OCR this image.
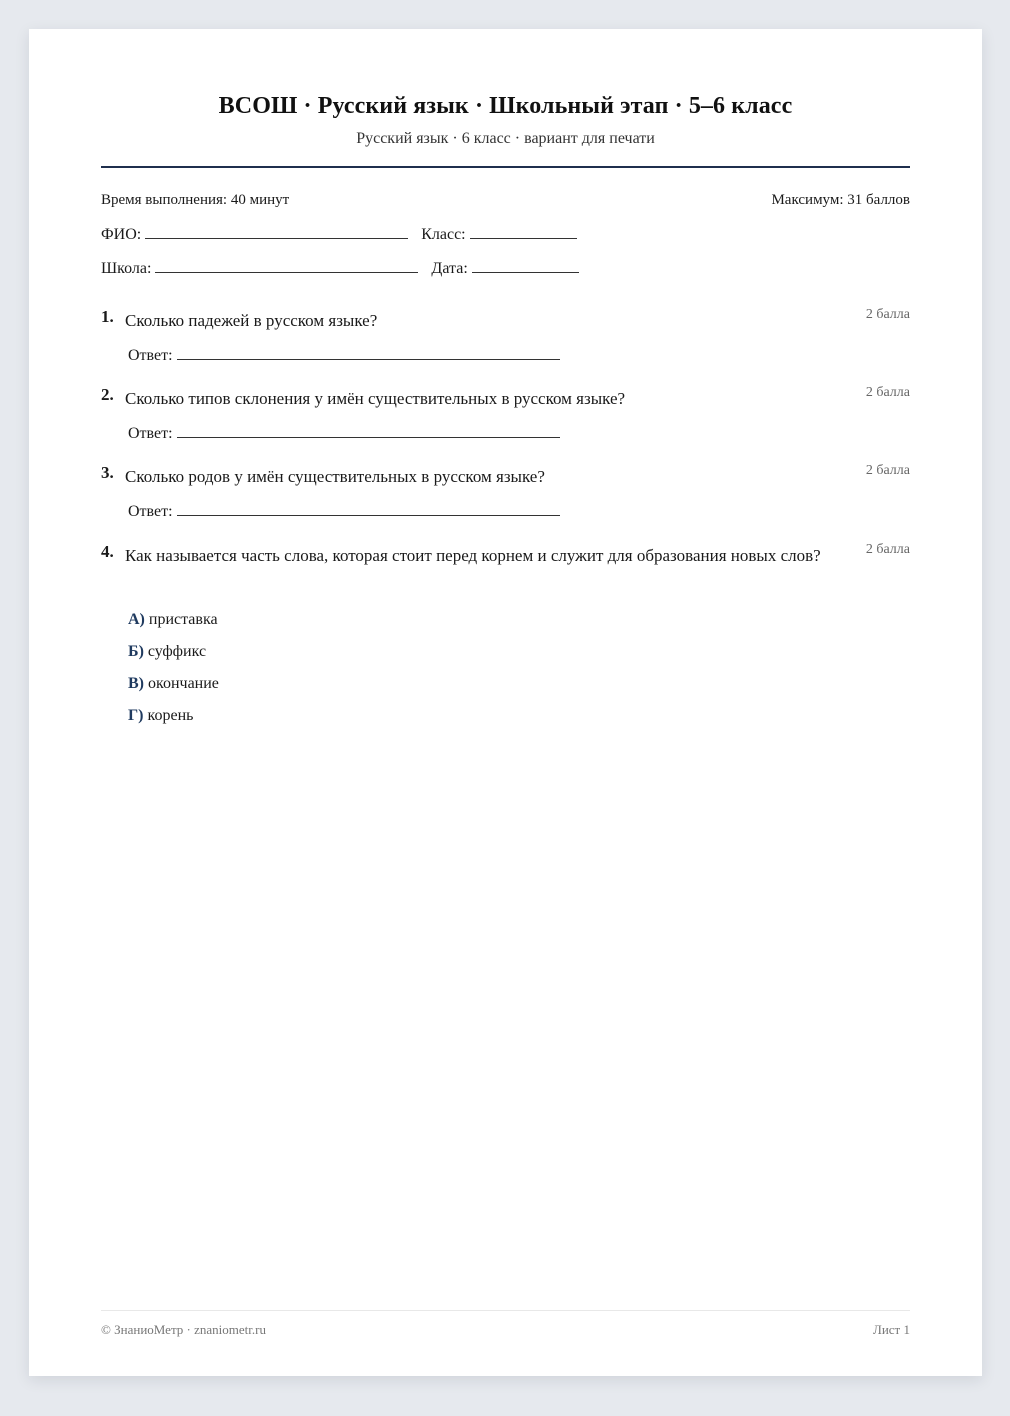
ВСОШ · Русский язык · Школьный этап · 5–6 класс
Русский язык · 6 класс · вариант для печати
Время выполнения: 40 минут	Максимум: 31 баллов
ФИО:	Класс:
Школа:	Дата:
1. Сколько падежей в русском языке?	2 балла
Ответ:
2. Сколько типов склонения у имён существительных в русском языке?	2 балла
Ответ:
3. Сколько родов у имён существительных в русском языке?	2 балла
Ответ:
4. Как называется часть слова, которая стоит перед корнем и служит для образования новых слов?	2 балла
А) приставка
Б) суффикс
В) окончание
Г) корень
© ЗнаниоМетр · znaniometr.ru	Лист 1
